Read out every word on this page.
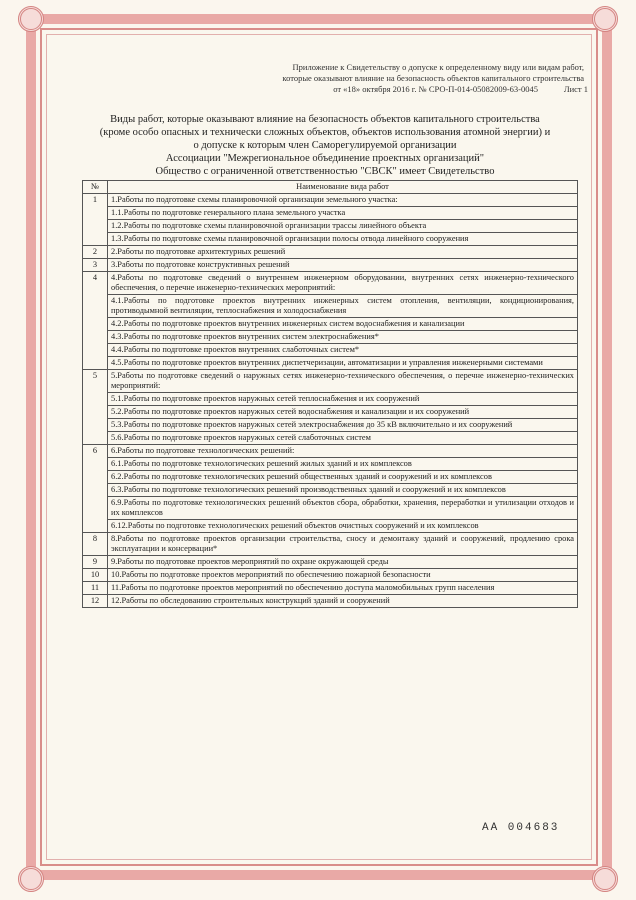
Приложение к Свидетельству о допуске к определенному виду или видам работ,
которые оказывают влияние на безопасность объектов капитального строительства
от «18» октября 2016 г. № СРО-П-014-05082009-63-0045	Лист 1
Виды работ, которые оказывают влияние на безопасность объектов капитального строительства
(кроме особо опасных и технически сложных объектов, объектов использования атомной энергии) и
о допуске к которым член Саморегулируемой организации
Ассоциации "Межрегиональное объединение проектных организаций"
Общество с ограниченной ответственностью "СВСК" имеет Свидетельство
№	Наименование вида работ
1	1.Работы по подготовке схемы планировочной организации земельного участка:
	1.1.Работы по подготовке генерального плана земельного участка
	1.2.Работы по подготовке схемы планировочной организации трассы линейного объекта
	1.3.Работы по подготовке схемы планировочной организации полосы отвода линейного сооружения
2	2.Работы по подготовке архитектурных решений
3	3.Работы по подготовке конструктивных решений
4	4.Работы по подготовке сведений о внутреннем инженерном оборудовании, внутренних сетях инженерно-технического обеспечения, о перечне инженерно-технических мероприятий:
	4.1.Работы по подготовке проектов внутренних инженерных систем отопления, вентиляции, кондиционирования, противодымной вентиляции, теплоснабжения и холодоснабжения
	4.2.Работы по подготовке проектов внутренних инженерных систем водоснабжения и канализации
	4.3.Работы по подготовке проектов внутренних систем электроснабжения*
	4.4.Работы по подготовке проектов внутренних слаботочных систем*
	4.5.Работы по подготовке проектов внутренних диспетчеризации, автоматизации и управления инженерными системами
5	5.Работы по подготовке сведений о наружных сетях инженерно-технического обеспечения, о перечне инженерно-технических мероприятий:
	5.1.Работы по подготовке проектов наружных сетей теплоснабжения и их сооружений
	5.2.Работы по подготовке проектов наружных сетей водоснабжения и канализации и их сооружений
	5.3.Работы по подготовке проектов наружных сетей электроснабжения до 35 кВ включительно и их сооружений
	5.6.Работы по подготовке проектов наружных сетей слаботочных систем
6	6.Работы по подготовке технологических решений:
	6.1.Работы по подготовке технологических решений жилых зданий и их комплексов
	6.2.Работы по подготовке технологических решений общественных зданий и сооружений и их комплексов
	6.3.Работы по подготовке технологических решений производственных зданий и сооружений и их комплексов
	6.9.Работы по подготовке технологических решений объектов сбора, обработки, хранения, переработки и утилизации отходов и их комплексов
	6.12.Работы по подготовке технологических решений объектов очистных сооружений и их комплексов
8	8.Работы по подготовке проектов организации строительства, сносу и демонтажу зданий и сооружений, продлению срока эксплуатации и консервации*
9	9.Работы по подготовке проектов мероприятий по охране окружающей среды
10	10.Работы по подготовке проектов мероприятий по обеспечению пожарной безопасности
11	11.Работы по подготовке проектов мероприятий по обеспечению доступа маломобильных групп населения
12	12.Работы по обследованию строительных конструкций зданий и сооружений
АА 004683
